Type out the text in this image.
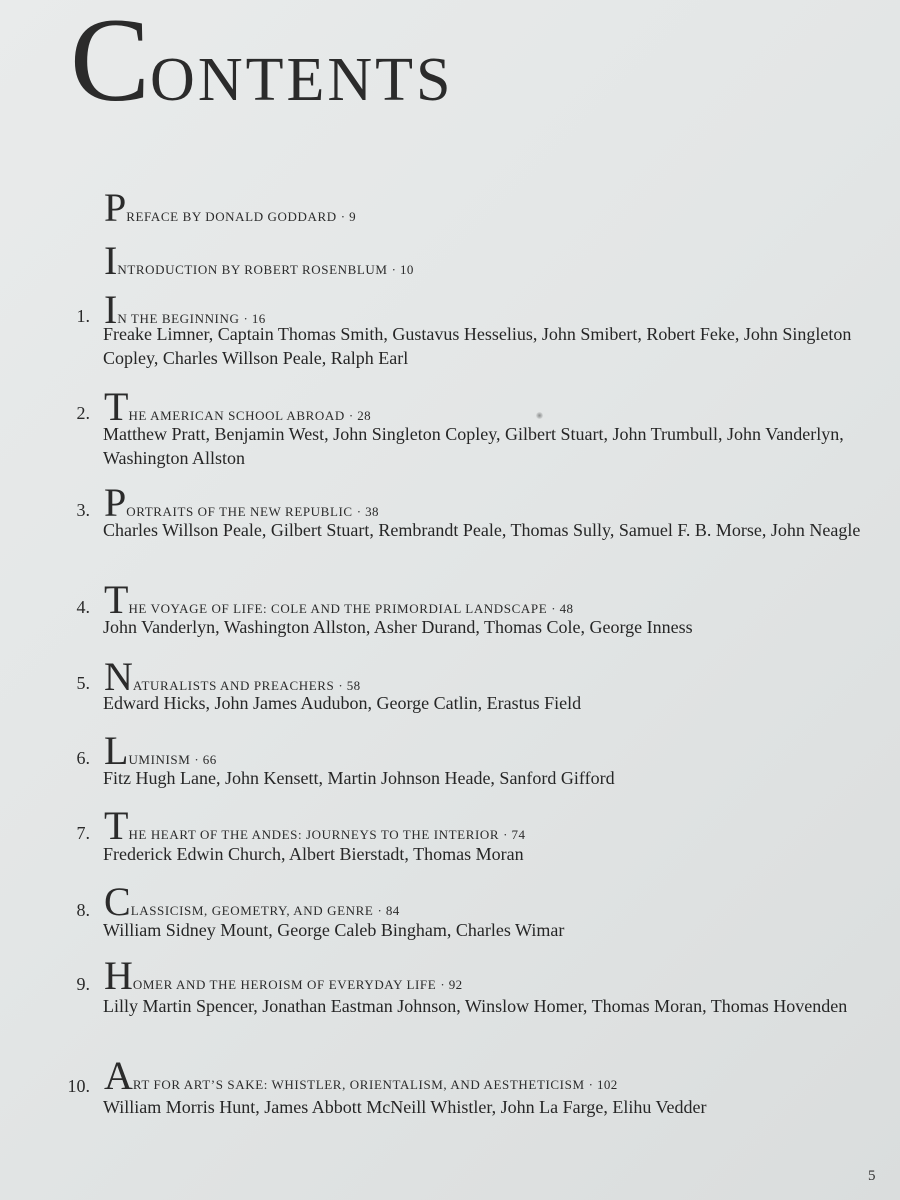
CONTENTS
PREFACE BY DONALD GODDARD · 9
INTRODUCTION BY ROBERT ROSENBLUM · 10
1. IN THE BEGINNING · 16
Freake Limner, Captain Thomas Smith, Gustavus Hesselius, John Smibert, Robert Feke, John Singleton Copley, Charles Willson Peale, Ralph Earl
2. THE AMERICAN SCHOOL ABROAD · 28
Matthew Pratt, Benjamin West, John Singleton Copley, Gilbert Stuart, John Trumbull, John Vanderlyn, Washington Allston
3. PORTRAITS OF THE NEW REPUBLIC · 38
Charles Willson Peale, Gilbert Stuart, Rembrandt Peale, Thomas Sully, Samuel F. B. Morse, John Neagle
4. THE VOYAGE OF LIFE: COLE AND THE PRIMORDIAL LANDSCAPE · 48
John Vanderlyn, Washington Allston, Asher Durand, Thomas Cole, George Inness
5. NATURALISTS AND PREACHERS · 58
Edward Hicks, John James Audubon, George Catlin, Erastus Field
6. LUMINISM · 66
Fitz Hugh Lane, John Kensett, Martin Johnson Heade, Sanford Gifford
7. THE HEART OF THE ANDES: JOURNEYS TO THE INTERIOR · 74
Frederick Edwin Church, Albert Bierstadt, Thomas Moran
8. CLASSICISM, GEOMETRY, AND GENRE · 84
William Sidney Mount, George Caleb Bingham, Charles Wimar
9. HOMER AND THE HEROISM OF EVERYDAY LIFE · 92
Lilly Martin Spencer, Jonathan Eastman Johnson, Winslow Homer, Thomas Moran, Thomas Hovenden
10. ART FOR ART’S SAKE: WHISTLER, ORIENTALISM, AND AESTHETICISM · 102
William Morris Hunt, James Abbott McNeill Whistler, John La Farge, Elihu Vedder
5
